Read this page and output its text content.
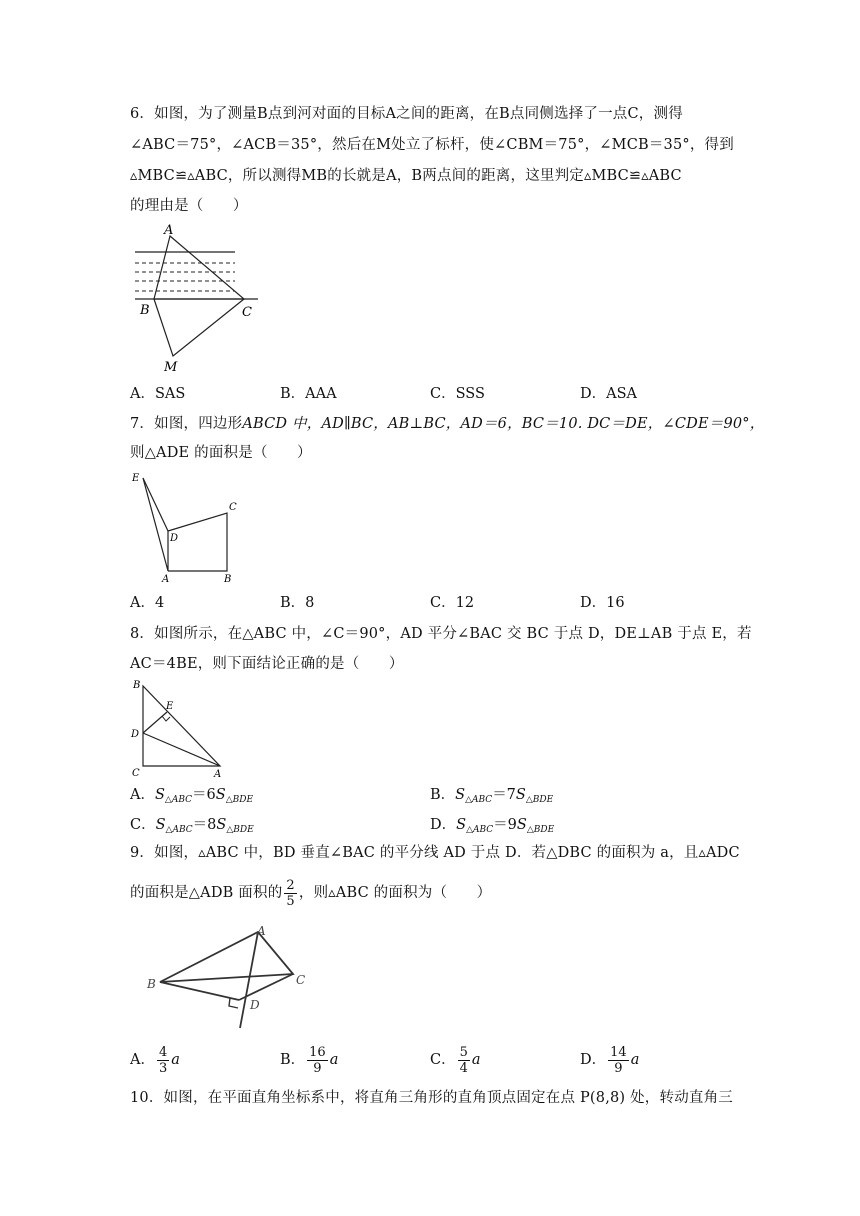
6．如图，为了测量B点到河对面的目标A之间的距离，在B点同侧选择了一点C，测得
∠ABC＝75°，∠ACB＝35°，然后在M处立了标杆，使∠CBM＝75°，∠MCB＝35°，得到
▵MBC≌▵ABC，所以测得MB的长就是A，B两点间的距离，这里判定▵MBC≌▵ABC
的理由是（　　）
A
B	C
M
A．SAS	B．AAA	C．SSS	D．ASA
7．如图，四边形ABCD 中，AD∥BC，AB⊥BC，AD＝6，BC＝10. DC＝DE，∠CDE＝90°，
则△ADE 的面积是（　　）
E
D
C
A	B
A．4	B．8	C．12	D．16
8．如图所示，在△ABC 中，∠C＝90°，AD 平分∠BAC 交 BC 于点 D，DE⊥AB 于点 E，若
AC＝4BE，则下面结论正确的是（　　）
B
E
D
C	A
A．$S_{\triangle ABC}=6S_{\triangle BDE}$	B．$S_{\triangle ABC}=7S_{\triangle BDE}$
C．$S_{\triangle ABC}=8S_{\triangle BDE}$	D．$S_{\triangle ABC}=9S_{\triangle BDE}$
9．如图，▵ABC 中，BD 垂直∠BAC 的平分线 AD 于点 D．若△DBC 的面积为 a，且▵ADC
的面积是△ADB 面积的 $\frac{2}{5}$ ，则▵ABC 的面积为（　　）
A
B	C
D
A． $\frac{4}{3}$ a	B． $\frac{16}{9}$ a	C． $\frac{5}{4}$ a	D． $\frac{14}{9}$ a
10．如图，在平面直角坐标系中，将直角三角形的直角顶点固定在点 P(8,8) 处，转动直角三
